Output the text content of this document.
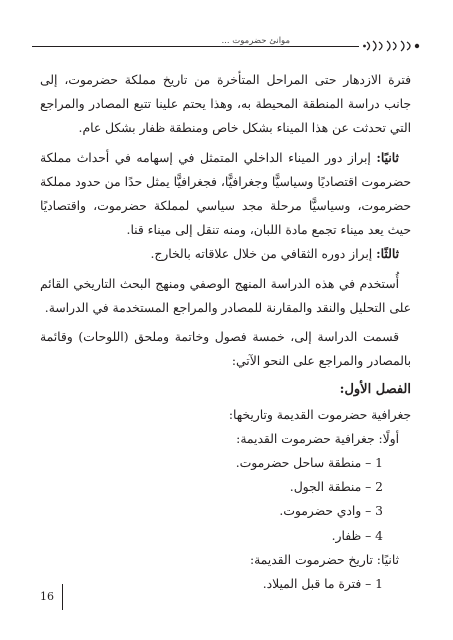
موانئ حضرموت ...

فترة الازدهار حتى المراحل المتأخرة من تاريخ مملكة حضرموت، إلى جانب دراسة المنطقة المحيطة به، وهذا يحتم علينا تتبع المصادر والمراجع التي تحدثت عن هذا الميناء بشكل خاص ومنطقة ظفار بشكل عام.

ثانيًا: إبراز دور الميناء الداخلي المتمثل في إسهامه في أحداث مملكة حضرموت اقتصاديًا وسياسيًّا وجغرافيًّا، فجغرافيًّا يمثل حدًا من حدود مملكة حضرموت، وسياسيًّا مرحلة مجد سياسي لمملكة حضرموت، واقتصاديًا حيث يعد ميناء تجمع مادة اللبان، ومنه تنقل إلى ميناء قنا.

ثالثًا: إبراز دوره الثقافي من خلال علاقاته بالخارج.

أُستخدم في هذه الدراسة المنهج الوصفي ومنهج البحث التاريخي القائم على التحليل والنقد والمقارنة للمصادر والمراجع المستخدمة في الدراسة.

قسمت الدراسة إلى، خمسة فصول وخاتمة وملحق (اللوحات) وقائمة بالمصادر والمراجع على النحو الآتي:

الفصل الأول:

جغرافية حضرموت القديمة وتاريخها:

أولًا: جغرافية حضرموت القديمة:

1 – منطقة ساحل حضرموت.

2 – منطقة الجول.

3 – وادي حضرموت.

4 – ظفار.

ثانيًا: تاريخ حضرموت القديمة:

1 – فترة ما قبل الميلاد.

16
